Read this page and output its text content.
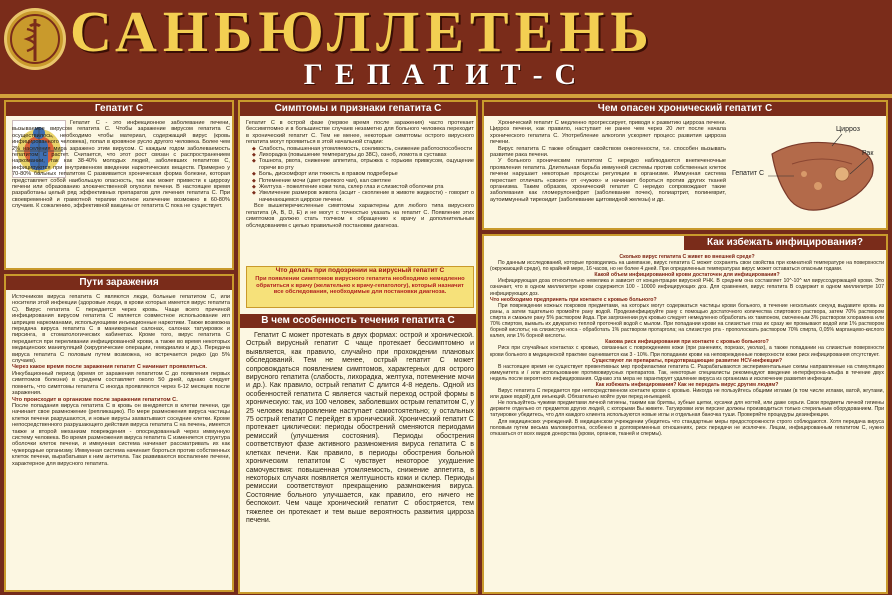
САНБЮЛЛЕТЕНЬ
ГЕПАТИТ-С
Гепатит С
Гепатит С - это инфекционное заболевание печени, вызываемое вирусом гепатита С. Чтобы заражение вирусом гепатита С осуществилось, необходимо чтобы материал, содержащий вирус (кровь инфицированного человека), попал в кровяное русло другого человека. Более чем 2% населения мира заражено этим вирусом. С каждым годом заболеваемость гепатитом С растет. Считается, что этот рост связан с распространением наркомании, так как 38-40% молодых людей, заболевших гепатитом С, инфицируются при внутривенном введении наркотических веществ. Примерно у 70-80% больных гепатитом С развивается хроническая форма болезни, которая представляет собой наибольшую опасность, так как может привести к циррозу печени или образованию злокачественной опухоли печени. В настоящее время разработаны целый ряд эффективных препаратов для лечения гепатита С. При своевременной и грамотной терапии полное излечение возможно в 60-80% случаев. К сожалению, эффективной вакцины от гепатита С пока не существует.
Пути заражения
Источником вируса гепатита С являются люди, больные гепатитом С, или носители этой инфекции (здоровые люди, в крови которых имеется вирус гепатита С). Вирус гепатита С передается через кровь. Чаще всего причиной инфицирования вирусом гепатита С является совместное использование игл шприцев наркоманами, использующими инъекционные наркотики. Также возможна передача вируса гепатита С в маникюрных салонах, салонах татуировок и пирсинга, в стоматологических кабинетах. Кроме того, вирус гепатита С передается при переливании инфицированной крови, а также во время некоторых медицинских манипуляций (хирургические операции, гемодиализ и др.). Передача вируса гепатита С половым путем возможна, но встречается редко (до 5% случаев).
Через какое время после заражения гепатит С начинает проявляться.
Инкубационный период (время от заражения гепатитом С до появления первых симптомов болезни) в среднем составляет около 50 дней, однако следует помнить, что симптомы гепатита С иногда проявляются через 6-12 месяцев после заражения.
Что происходит в организме после заражения гепатитом С.
После попадания вируса гепатита С в кровь он внедряется в клетки печени, где начинает свое размножение (репликацию). По мере размножения вируса частицы клетки печени разрушаются, и новые вирусы захватывают соседние клетки. Кроме непосредственного разрушающего действия вируса гепатита С на печень, имеется также и второй механизм повреждения - опосредованный через иммунную систему человека. Во время размножения вируса гепатита С изменяется структура оболочки клеток печени, и иммунная система начинает рассматривать их как чужеродные организму. Иммунная система начинает бороться против собственных клеток печени, вырабатывая к ним антитела. Так развиваются воспаление печени, характерное для вирусного гепатита.
Симптомы и признаки гепатита С
Гепатит С в острой фазе (первое время после заражения) часто протекает бессимптомно и в большинстве случаев незаметно для больного человека переходит в хронический гепатит С. Тем не менее, некоторые симптомы острого вирусного гепатита могут проявиться в этой начальной стадии:
◆ Слабость, повышенная утомляемость, сонливость, снижение работоспособности
◆ Лихорадка (повышение температуры до 38С), озноб, ломота в суставах
◆ Тошнота, рвота, снижение аппетита, отрыжка с горьким привкусом, ощущение горечи во рту
◆ Боль, дискомфорт или тяжесть в правом подреберье
◆ Потемнение мочи (цвет крепкого чая), кал светлее
◆ Желтуха - пожелтение кожи тела, склер глаз и слизистой оболочки рта
◆ Увеличение размеров живота (асцит - скопление в животе жидкости) - говорит о начинающемся циррозе печени.
Все вышеперечисленные симптомы характерны для любого типа вирусного гепатита (А, В, D, E) и не могут с точностью указать на гепатит С. Появление этих симптомов должно стать толчком к обращению к врачу и дополнительным обследованиям с целью правильной постановки диагноза.
Что делать при подозрении на вирусный гепатит С
При появлении симптомов вирусного гепатита необходимо немедленно обратиться к врачу (желательно к врачу-гепатологу), который назначит все обследования, необходимые для постановки диагноза.
В чем особенность течения гепатита С
Гепатит С может протекать в двух формах: острой и хронической. Острый вирусный гепатит С чаще протекает бессимптомно и выявляется, как правило, случайно при прохождении плановых обследований. Тем не менее, острый гепатит С может сопровождаться появлением симптомов, характерных для острого вирусного гепатита (слабость, лихорадка, желтуха, потемнение мочи и др.). Как правило, острый гепатит С длится 4-8 недель. Одной из особенностей гепатита С является частый переход острой формы в хроническую: так, из 100 человек, заболевших острым гепатитом С, у 25 человек выздоровление наступает самостоятельно; у остальных 75 острый гепатит С перейдет в хронический. Хронический гепатит С протекает циклически: периоды обострений сменяются периодами ремиссий (улучшения состояния). Периоды обострения соответствуют фазе активного размножения вируса гепатита С в клетках печени. Как правило, в периоды обострения больной хроническим гепатитом С чувствует некоторое ухудшение самочувствия: повышенная утомляемость, снижение аппетита, в некоторых случаях появляется желтушность кожи и склер. Периоды ремиссии соответствуют прекращению размножения вируса. Состояние больного улучшается, как правило, его ничего не беспокоит. Чем чаще хронический гепатит С обостряется, тем тяжелее он протекает и тем выше вероятность развития цирроза печени.
Чем опасен хронический гепатит С
Хронический гепатит С медленно прогрессирует, приводя к развитию цирроза печени. Цирроз печени, как правило, наступает не ранее чем через 20 лет после начала хронического гепатита С. Употребление алкоголя ускоряет процесс развития цирроза печени.
Вирус гепатита С также обладает свойством онкогенности, т.е. способен вызывать развитие рака печени.
У больного хроническим гепатитом С нередко наблюдаются внепеченочные проявления гепатита. Длительная борьба иммунной системы против собственных клеток печени нарушает некоторые процессы регуляции в организме. Иммунная система перестает отличать «своих» от «чужих» и начинает бороться против других тканей организма. Таким образом, хронический гепатит С нередко сопровождают такие заболевания как гломерулонефрит (заболевание почек), полиартрит, полиневрит, аутоиммунный тиреоидит (заболевание щитовидной железы) и др.
Гепатит С
Цирроз
Рак
Как избежать инфицирования?
Сколько вирус гепатита С живет во внешней среде?
По данным исследований, которые проводились на шимпанзе, вирус гепатита С может сохранять свои свойства при комнатной температуре на поверхности (окружающей среде), по крайней мере, 16 часов, но не более 4 дней. При определенных температурах вирус может оставаться опасным годами.
Какой объем инфицированной крови достаточен для инфицирования?
Инфицирующая доза относительно невелика и зависит от концентрации вирусной РНК. В среднем она составляет 10^-10^ мл вируссодержащей крови. Это означает, что в одном миллилитре крови содержится 100 - 10000 инфицирующих доз. Для сравнения, вирус гепатита В содержит в одном миллилитре 107 инфицирующих доз.
Что необходимо предпринять при контакте с кровью больного?
При повреждении кожных покровов предметами, на которых могут содержаться частицы крови больного, в течение нескольких секунд выдавите кровь из раны, а затем тщательно промойте рану водой. Продезинфицируйте рану с помощью достаточного количества спиртового раствора, затем 70% раствором спирта и смажьте рану 5% раствором йода. При загрязнении рук кровью следует немедленно обработать их тампоном, смоченным 3% раствором хлорамина или 70% спиртом, вымыть их двукратно теплой проточной водой с мылом. При попадании крови на слизистые глаз их сразу же промывают водой или 1% раствором борной кислоты; на слизистую носа - обработать 1% раствором протаргола; на слизистую рта - прополоскать раствором 70% спирта, 0,05% марганцево-кислого калия, или 1% борной кислоты.
Какова риск инфицирования при контакте с кровью больного?
Риск при случайных контактах с кровью, связанных с повреждением кожи (при ранениях, порезах, уколах), а также попадании на слизистые поверхности крови больного в медицинской практике оценивается как 3 - 10%. При попадании крови на неповрежденные поверхности кожи риск инфицирования отсутствует.
Существуют ли препараты, предотвращающие развитие HCV-инфекции?
В настоящее время не существует превентивных мер профилактики гепатита С. Разрабатываются экспериментальные схемы направленные на стимуляцию иммунитета и / или использование противовирусных препаратов. Так, некоторые специалисты рекомендуют введение интерферона-альфа в течение двух недель после вероятного инфицирования. Однако эта мера не гарантирует удаление вируса из организма и исключение развития инфекции.
Как избежать инфицирования? Как не передать вирус другим людям?
Вирус гепатита С передается при непосредственном контакте крови с кровью. Никогда не пользуйтесь общими иглами (в том числе иглами, ватой, жгутами, или даже водой) для инъекций. Обязательно мойте руки перед инъекцией.
Не пользуйтесь чужими предметами личной гигиены, такими как бритвы, зубные щетки, кусачки для ногтей, или даже серьги. Свои предметы личной гигиены держите отдельно от предметов других людей, с которыми Вы живете. Татуировки или пирсинг должны производиться только стерильным оборудованием. При татуировке убедитесь, что для каждого клиента используются новые иглы и отдельная баночка туши. Проверяйте процедуры дезинфекции.
Для медицинских учреждений. В медицинском учреждении убедитесь что стандартные меры предосторожности строго соблюдаются. Хотя передача вируса половым путем весьма маловероятна, особенно в долговременных отношениях, риск передачи не исключен. Лицам, инфицированным гепатитом С, нужно отказаться от всех видов донорства (крови, органов, тканей и спермы).
